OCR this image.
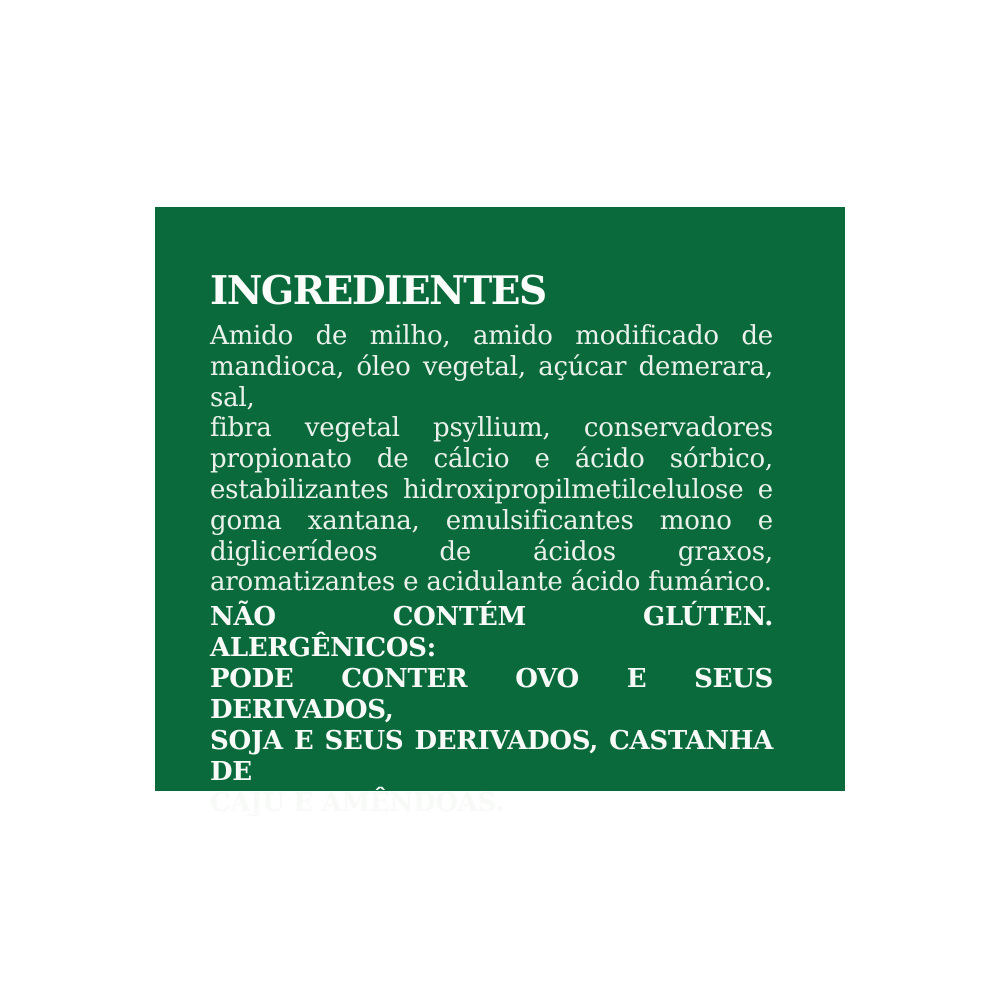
INGREDIENTES
Amido de milho, amido modificado de
mandioca, óleo vegetal, açúcar demerara, sal,
fibra vegetal psyllium, conservadores
propionato de cálcio e ácido sórbico,
estabilizantes hidroxipropilmetilcelulose e
goma xantana, emulsificantes mono e
diglicerídeos de ácidos graxos,
aromatizantes e acidulante ácido fumárico.
NÃO CONTÉM GLÚTEN. ALERGÊNICOS:
PODE CONTER OVO E SEUS DERIVADOS,
SOJA E SEUS DERIVADOS, CASTANHA DE
CAJU E AMÊNDOAS.
